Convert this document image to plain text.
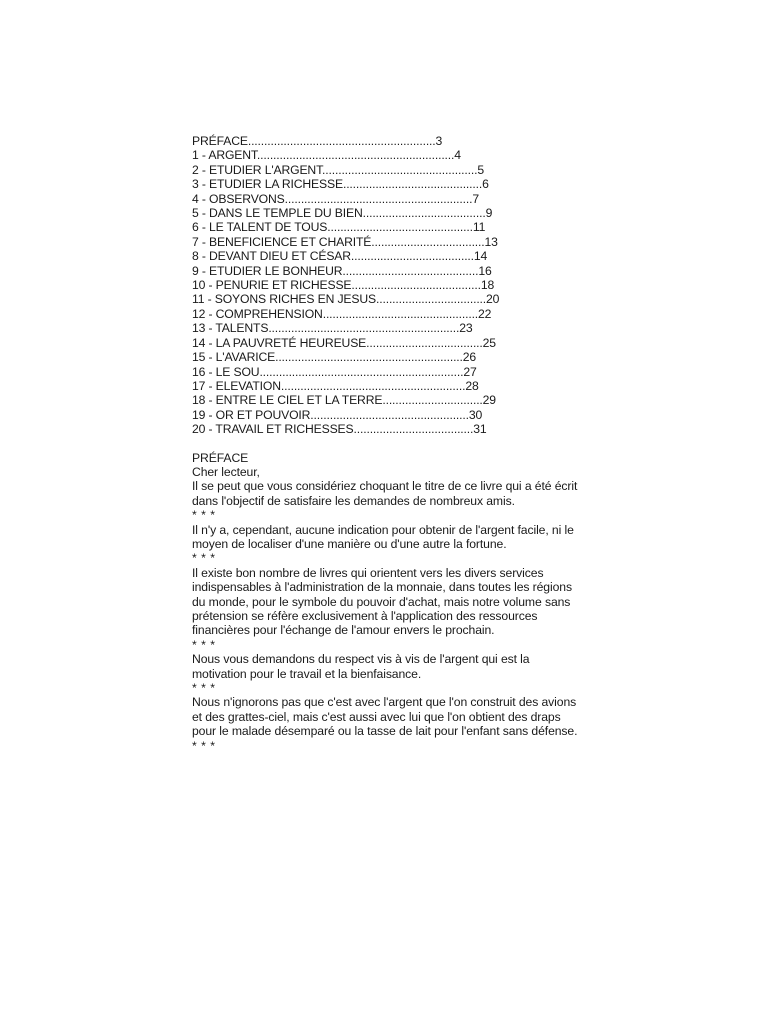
PRÉFACE..........................................................3
1 - ARGENT.............................................................4
2 - ETUDIER L'ARGENT................................................5
3 - ETUDIER LA RICHESSE...........................................6
4 - OBSERVONS..........................................................7
5 - DANS LE TEMPLE DU BIEN......................................9
6 - LE TALENT DE TOUS.............................................11
7 - BENEFICIENCE ET CHARITÉ...................................13
8 - DEVANT DIEU ET CÉSAR......................................14
9 - ETUDIER LE BONHEUR..........................................16
10 - PENURIE ET RICHESSE........................................18
11 - SOYONS RICHES EN JESUS..................................20
12 - COMPREHENSION................................................22
13 - TALENTS...........................................................23
14 - LA PAUVRETÉ HEUREUSE....................................25
15 - L'AVARICE..........................................................26
16 - LE SOU...............................................................27
17 - ELEVATION.........................................................28
18 - ENTRE LE CIEL ET LA TERRE...............................29
19 - OR ET POUVOIR.................................................30
20 - TRAVAIL ET RICHESSES.....................................31

PRÉFACE

Cher lecteur,

Il se peut que vous considériez choquant le titre de ce livre qui a été écrit dans l'objectif de satisfaire les demandes de nombreux amis.

* * *

Il n'y a, cependant, aucune indication pour obtenir de l'argent facile, ni le moyen de localiser d'une manière ou d'une autre la fortune.

* * *

Il existe bon nombre de livres qui orientent vers les divers services indispensables à l'administration de la monnaie, dans toutes les régions du monde, pour le symbole du pouvoir d'achat, mais notre volume sans prétension se réfère exclusivement à l'application des ressources financières pour l'échange de l'amour envers le prochain.

* * *

Nous vous demandons du respect vis à vis de l'argent qui est la motivation pour le travail et la bienfaisance.

* * *

Nous n'ignorons pas que c'est avec l'argent que l'on construit des avions et des grattes-ciel, mais c'est aussi avec lui que l'on obtient des draps pour le malade désemparé ou la tasse de lait pour l'enfant sans défense.

* * *
